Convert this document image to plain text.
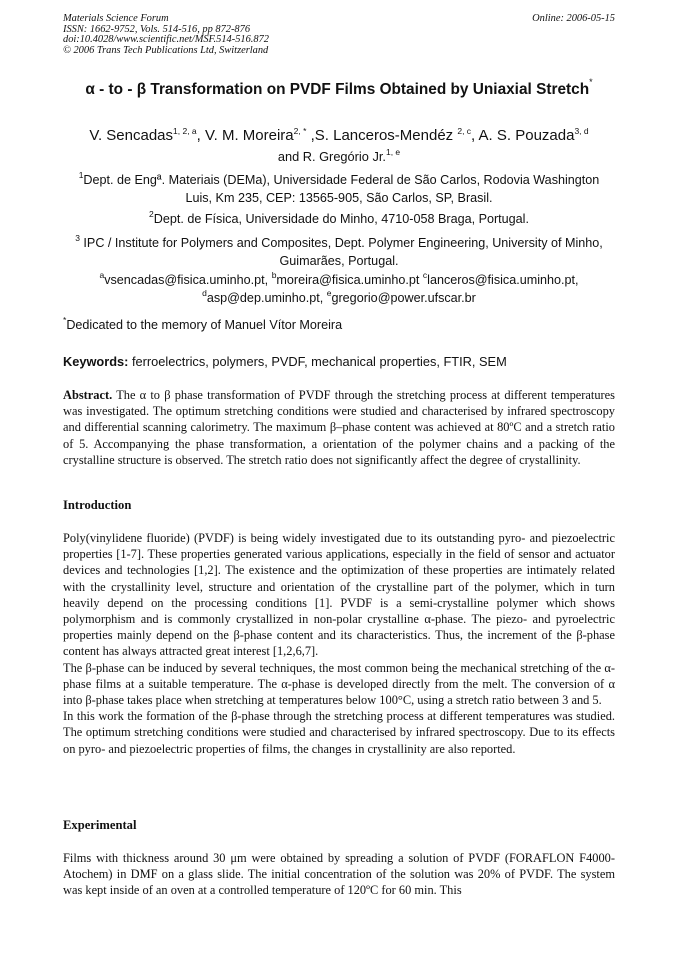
Materials Science Forum
ISSN: 1662-9752, Vols. 514-516, pp 872-876
doi:10.4028/www.scientific.net/MSF.514-516.872
© 2006 Trans Tech Publications Ltd, Switzerland
Online: 2006-05-15
α - to - β Transformation on PVDF Films Obtained by Uniaxial Stretch*
V. Sencadas$^{1, 2, a}$, V. M. Moreira$^{2, *}$ ,S. Lanceros-Mendéz $^{2, c}$, A. S. Pouzada$^{3, d}$
and R. Gregório Jr.$^{1, e}$
$^1$Dept. de Engª. Materiais (DEMa), Universidade Federal de São Carlos, Rodovia Washington Luis, Km 235, CEP: 13565-905, São Carlos, SP, Brasil.
$^2$Dept. de Física, Universidade do Minho, 4710-058 Braga, Portugal.
$^3$ IPC / Institute for Polymers and Composites, Dept. Polymer Engineering, University of Minho, Guimarães, Portugal.
$^a$vsencadas@fisica.uminho.pt, $^b$moreira@fisica.uminho.pt $^c$lanceros@fisica.uminho.pt,
$^d$asp@dep.uminho.pt, $^e$gregorio@power.ufscar.br
*Dedicated to the memory of Manuel Vítor Moreira
Keywords: ferroelectrics, polymers, PVDF, mechanical properties, FTIR, SEM
Abstract. The α to β phase transformation of PVDF through the stretching process at different temperatures was investigated. The optimum stretching conditions were studied and characterised by infrared spectroscopy and differential scanning calorimetry. The maximum β–phase content was achieved at 80ºC and a stretch ratio of 5. Accompanying the phase transformation, a orientation of the polymer chains and a packing of the crystalline structure is observed. The stretch ratio does not significantly affect the degree of crystallinity.
Introduction

Poly(vinylidene fluoride) (PVDF) is being widely investigated due to its outstanding pyro- and piezoelectric properties [1-7]. These properties generated various applications, especially in the field of sensor and actuator devices and technologies [1,2]. The existence and the optimization of these properties are intimately related with the crystallinity level, structure and orientation of the crystalline part of the polymer, which in turn heavily depend on the processing conditions [1]. PVDF is a semi-crystalline polymer which shows polymorphism and is commonly crystallized in non-polar crystalline α-phase. The piezo- and pyroelectric properties mainly depend on the β-phase content and its characteristics. Thus, the increment of the β-phase content has always attracted great interest [1,2,6,7].

The β-phase can be induced by several techniques, the most common being the mechanical stretching of the α-phase films at a suitable temperature. The α-phase is developed directly from the melt. The conversion of α into β-phase takes place when stretching at temperatures below 100°C, using a stretch ratio between 3 and 5.

In this work the formation of the β-phase through the stretching process at different temperatures was studied. The optimum stretching conditions were studied and characterised by infrared spectroscopy. Due to its effects on pyro- and piezoelectric properties of films, the changes in crystallinity are also reported.

Experimental

Films with thickness around 30 μm were obtained by spreading a solution of PVDF (FORAFLON F4000-Atochem) in DMF on a glass slide. The initial concentration of the solution was 20% of PVDF. The system was kept inside of an oven at a controlled temperature of 120ºC for 60 min. This
